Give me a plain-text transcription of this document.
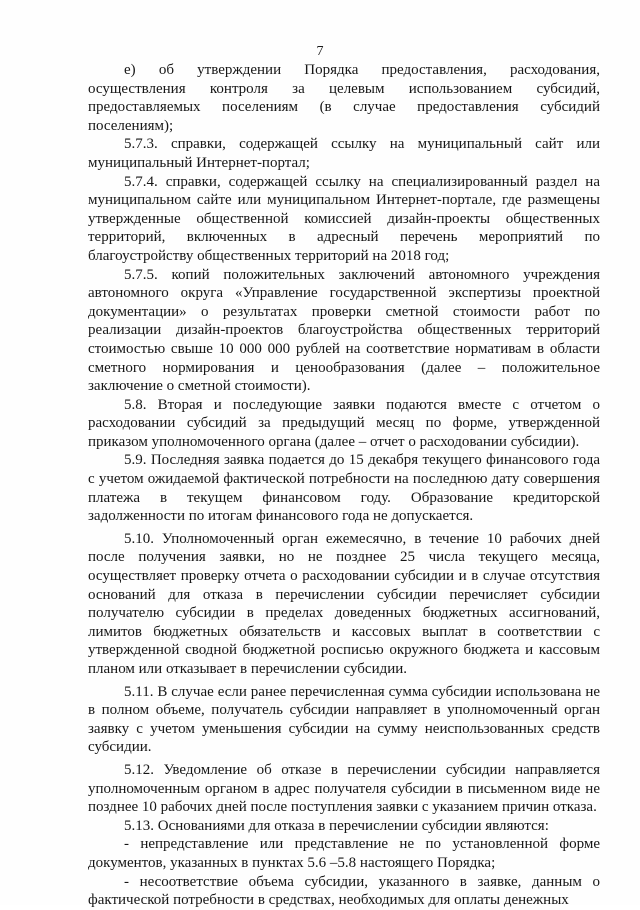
7

е) об утверждении Порядка предоставления, расходования, осуществления контроля за целевым использованием субсидий, предоставляемых поселениям (в случае предоставления субсидий поселениям);

5.7.3. справки, содержащей ссылку на муниципальный сайт или муниципальный Интернет-портал;

5.7.4. справки, содержащей ссылку на специализированный раздел на муниципальном сайте или муниципальном Интернет-портале, где размещены утвержденные общественной комиссией дизайн-проекты общественных территорий, включенных в адресный перечень мероприятий по благоустройству общественных территорий на 2018 год;

5.7.5. копий положительных заключений автономного учреждения автономного округа «Управление государственной экспертизы проектной документации» о результатах проверки сметной стоимости работ по реализации дизайн-проектов благоустройства общественных территорий стоимостью свыше 10 000 000 рублей на соответствие нормативам в области сметного нормирования и ценообразования (далее – положительное заключение о сметной стоимости).

5.8. Вторая и последующие заявки подаются вместе с отчетом о расходовании субсидий за предыдущий месяц по форме, утвержденной приказом уполномоченного органа (далее – отчет о расходовании субсидии).

5.9. Последняя заявка подается до 15 декабря текущего финансового года с учетом ожидаемой фактической потребности на последнюю дату совершения платежа в текущем финансовом году. Образование кредиторской задолженности по итогам финансового года не допускается.

5.10. Уполномоченный орган ежемесячно, в течение 10 рабочих дней после получения заявки, но не позднее 25 числа текущего месяца, осуществляет проверку отчета о расходовании субсидии и в случае отсутствия оснований для отказа в перечислении субсидии перечисляет субсидии получателю субсидии в пределах доведенных бюджетных ассигнований, лимитов бюджетных обязательств и кассовых выплат в соответствии с утвержденной сводной бюджетной росписью окружного бюджета и кассовым планом или отказывает в перечислении субсидии.

5.11. В случае если ранее перечисленная сумма субсидии использована не в полном объеме, получатель субсидии направляет в уполномоченный орган заявку с учетом уменьшения субсидии на сумму неиспользованных средств субсидии.

5.12. Уведомление об отказе в перечислении субсидии направляется уполномоченным органом в адрес получателя субсидии в письменном виде не позднее 10 рабочих дней после поступления заявки с указанием причин отказа.

5.13. Основаниями для отказа в перечислении субсидии являются:

- непредставление или представление не по установленной форме документов, указанных в пунктах 5.6 –5.8 настоящего Порядка;

- несоответствие объема субсидии, указанного в заявке, данным о фактической потребности в средствах, необходимых для оплаты денежных
